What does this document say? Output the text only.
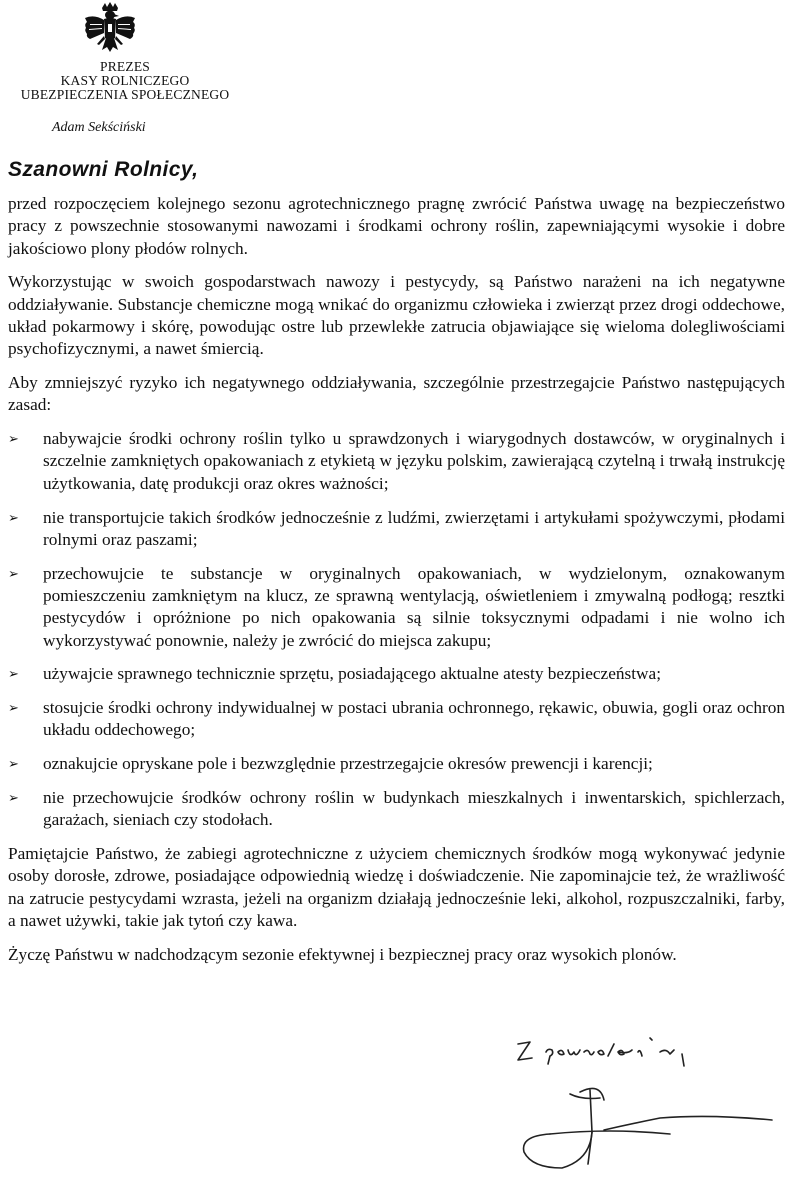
PREZES
KASY ROLNICZEGO
UBEZPIECZENIA SPOŁECZNEGO
Adam Sekściński
Szanowni Rolnicy,

przed rozpoczęciem kolejnego sezonu agrotechnicznego pragnę zwrócić Państwa uwagę na bezpieczeństwo pracy z powszechnie stosowanymi nawozami i środkami ochrony roślin, zapewniającymi wysokie i dobre jakościowo plony płodów rolnych.

Wykorzystując w swoich gospodarstwach nawozy i pestycydy, są Państwo narażeni na ich negatywne oddziaływanie. Substancje chemiczne mogą wnikać do organizmu człowieka i zwierząt przez drogi oddechowe, układ pokarmowy i skórę, powodując ostre lub przewlekłe zatrucia objawiające się wieloma dolegliwościami psychofizycznymi, a nawet śmiercią.

Aby zmniejszyć ryzyko ich negatywnego oddziaływania, szczególnie przestrzegajcie Państwo następujących zasad:

➢ nabywajcie środki ochrony roślin tylko u sprawdzonych i wiarygodnych dostawców, w oryginalnych i szczelnie zamkniętych opakowaniach z etykietą w języku polskim, zawierającą czytelną i trwałą instrukcję użytkowania, datę produkcji oraz okres ważności;
➢ nie transportujcie takich środków jednocześnie z ludźmi, zwierzętami i artykułami spożywczymi, płodami rolnymi oraz paszami;
➢ przechowujcie te substancje w oryginalnych opakowaniach, w wydzielonym, oznakowanym pomieszczeniu zamkniętym na klucz, ze sprawną wentylacją, oświetleniem i zmywalną podłogą; resztki pestycydów i opróżnione po nich opakowania są silnie toksycznymi odpadami i nie wolno ich wykorzystywać ponownie, należy je zwrócić do miejsca zakupu;
➢ używajcie sprawnego technicznie sprzętu, posiadającego aktualne atesty bezpieczeństwa;
➢ stosujcie środki ochrony indywidualnej w postaci ubrania ochronnego, rękawic, obuwia, gogli oraz ochron układu oddechowego;
➢ oznakujcie opryskane pole i bezwzględnie przestrzegajcie okresów prewencji i karencji;
➢ nie przechowujcie środków ochrony roślin w budynkach mieszkalnych i inwentarskich, spichlerzach, garażach, sieniach czy stodołach.

Pamiętajcie Państwo, że zabiegi agrotechniczne z użyciem chemicznych środków mogą wykonywać jedynie osoby dorosłe, zdrowe, posiadające odpowiednią wiedzę i doświadczenie. Nie zapominajcie też, że wrażliwość na zatrucie pestycydami wzrasta, jeżeli na organizm działają jednocześnie leki, alkohol, rozpuszczalniki, farby, a nawet używki, takie jak tytoń czy kawa.

Życzę Państwu w nadchodzącym sezonie efektywnej i bezpiecznej pracy oraz wysokich plonów.
